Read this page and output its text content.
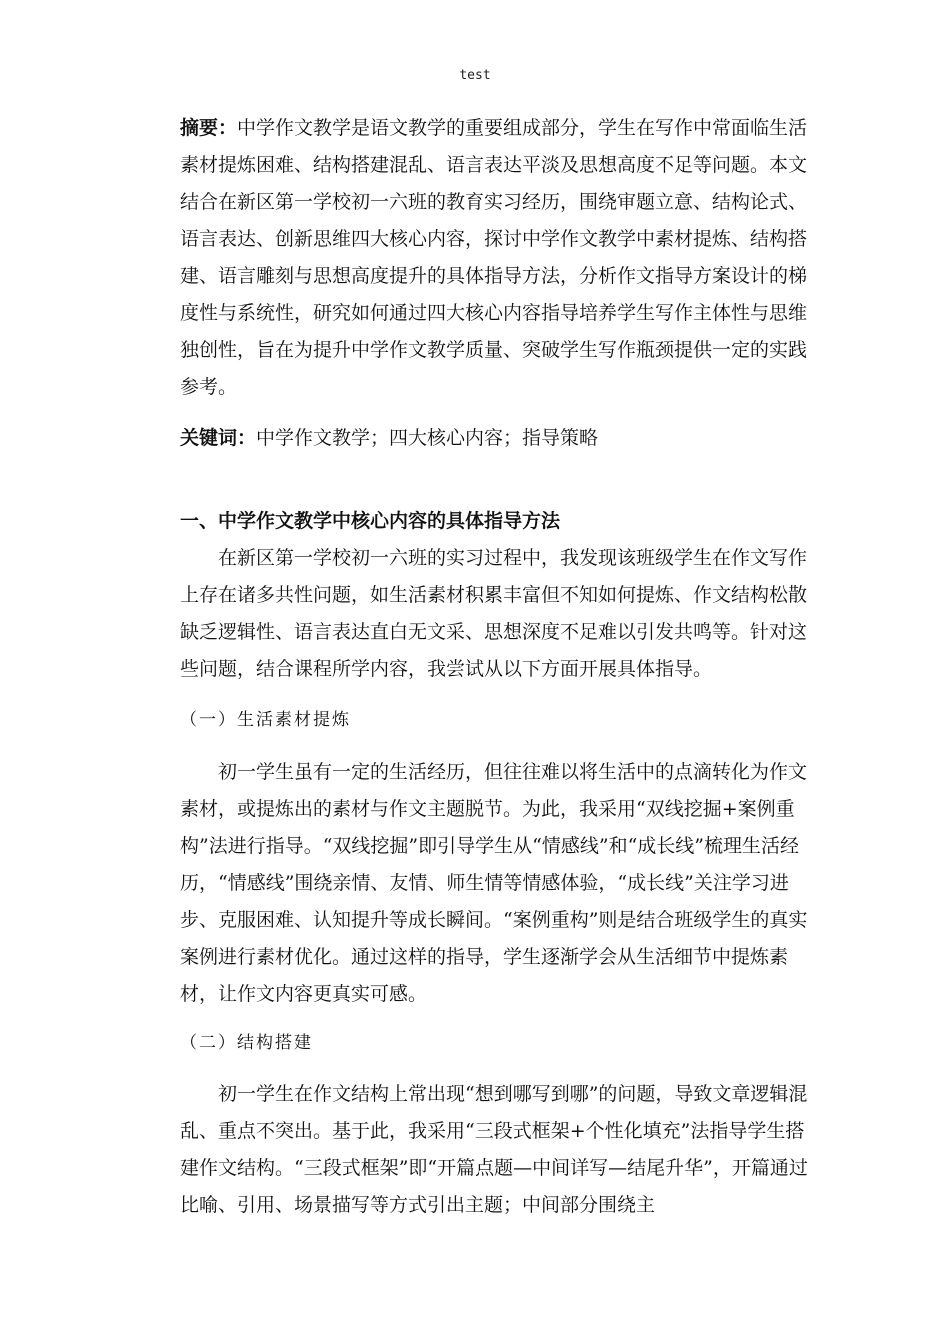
test

摘要：中学作文教学是语文教学的重要组成部分，学生在写作中常面临生活素材提炼困难、结构搭建混乱、语言表达平淡及思想高度不足等问题。本文结合在新区第一学校初一六班的教育实习经历，围绕审题立意、结构论式、语言表达、创新思维四大核心内容，探讨中学作文教学中素材提炼、结构搭建、语言雕刻与思想高度提升的具体指导方法，分析作文指导方案设计的梯度性与系统性，研究如何通过四大核心内容指导培养学生写作主体性与思维独创性，旨在为提升中学作文教学质量、突破学生写作瓶颈提供一定的实践参考。

关键词：中学作文教学；四大核心内容；指导策略

一、中学作文教学中核心内容的具体指导方法

在新区第一学校初一六班的实习过程中，我发现该班级学生在作文写作上存在诸多共性问题，如生活素材积累丰富但不知如何提炼、作文结构松散缺乏逻辑性、语言表达直白无文采、思想深度不足难以引发共鸣等。针对这些问题，结合课程所学内容，我尝试从以下方面开展具体指导。

（一）生活素材提炼

初一学生虽有一定的生活经历，但往往难以将生活中的点滴转化为作文素材，或提炼出的素材与作文主题脱节。为此，我采用“双线挖掘+案例重构”法进行指导。“双线挖掘”即引导学生从“情感线”和“成长线”梳理生活经历，“情感线”围绕亲情、友情、师生情等情感体验，“成长线”关注学习进步、克服困难、认知提升等成长瞬间。“案例重构”则是结合班级学生的真实案例进行素材优化。通过这样的指导，学生逐渐学会从生活细节中提炼素材，让作文内容更真实可感。

（二）结构搭建

初一学生在作文结构上常出现“想到哪写到哪”的问题，导致文章逻辑混乱、重点不突出。基于此，我采用“三段式框架+个性化填充”法指导学生搭建作文结构。“三段式框架”即“开篇点题—中间详写—结尾升华”，开篇通过比喻、引用、场景描写等方式引出主题；中间部分围绕主
